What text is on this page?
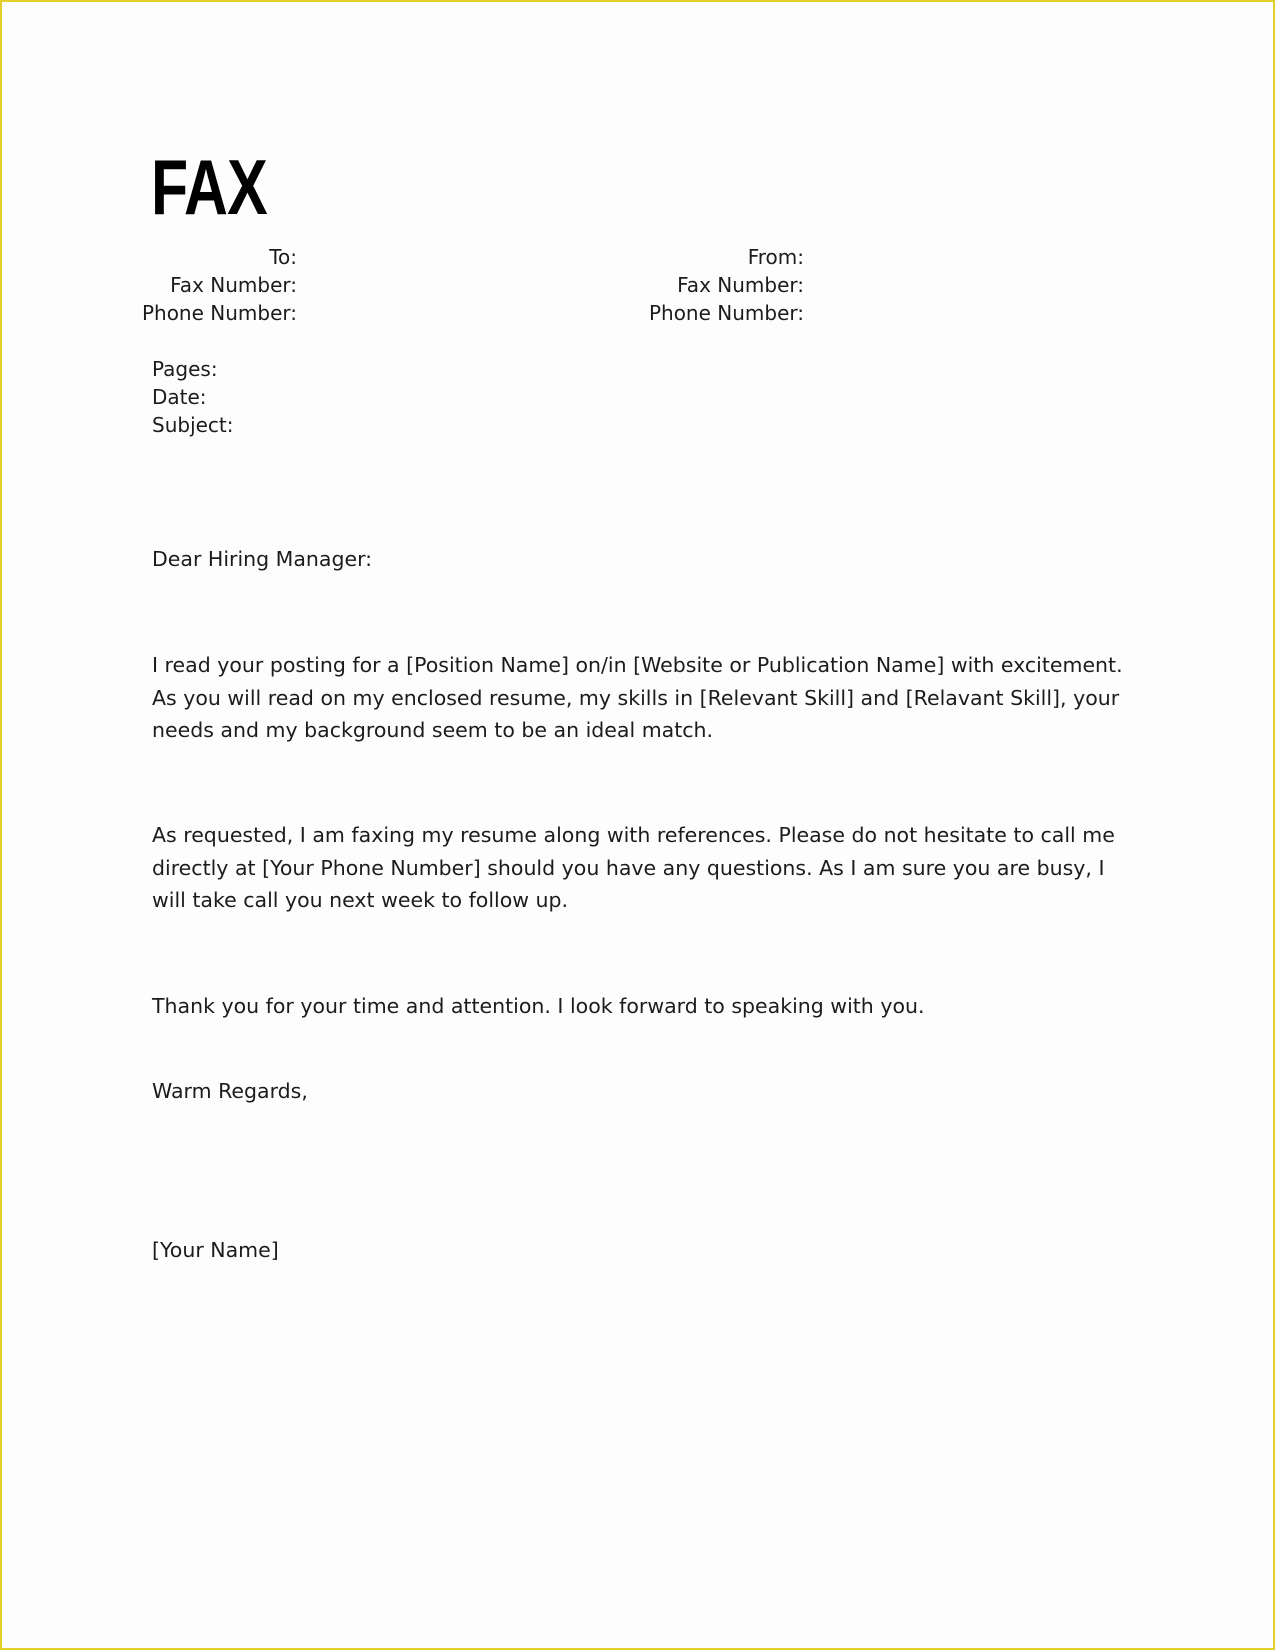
FAX
To:
Fax Number:
Phone Number:
From:
Fax Number:
Phone Number:
Pages:
Date:
Subject:

Dear Hiring Manager:

I read your posting for a [Position Name] on/in [Website or Publication Name] with excitement. As you will read on my enclosed resume, my skills in [Relevant Skill] and [Relavant Skill], your needs and my background seem to be an ideal match.

As requested, I am faxing my resume along with references. Please do not hesitate to call me directly at [Your Phone Number] should you have any questions. As I am sure you are busy, I will take call you next week to follow up.

Thank you for your time and attention. I look forward to speaking with you.

Warm Regards,

[Your Name]
